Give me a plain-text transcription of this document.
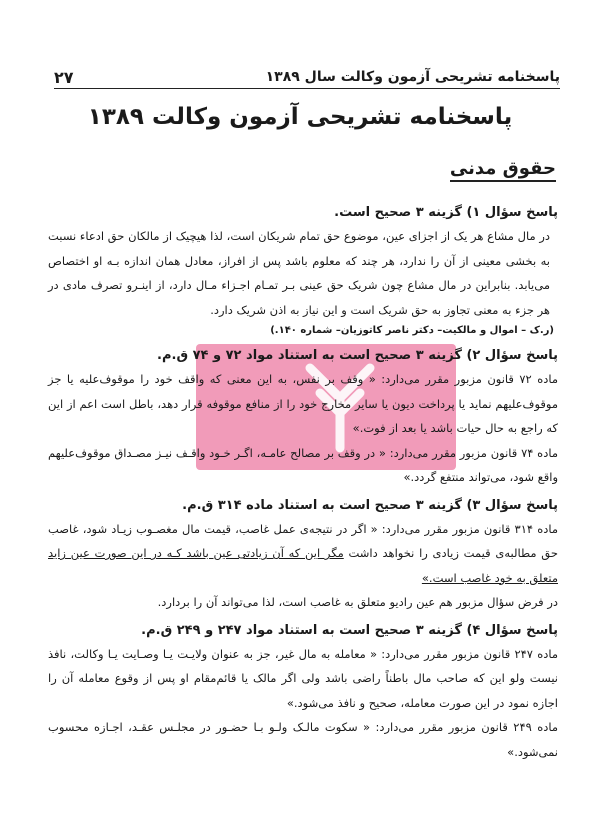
۲۷	پاسخنامه تشریحی آزمون وکالت سال ۱۳۸۹
پاسخنامه تشریحی آزمون وکالت ۱۳۸۹
حقوق مدنی
پاسخ سؤال ۱) گزینه ۳ صحیح است.
در مال مشاع هر یک از اجزای عین، موضوع حق تمام شریکان است، لذا هیچیک از مالکان حق ادعاء نسبت به بخشی معینی از آن را ندارد، هر چند که معلوم باشد پس از افراز، معادل همان اندازه بـه او اختصاص می‌یابد. بنابراین در مال مشاع چون شریک حق عینی بـر تمـام اجـزاء مـال دارد، از اینـرو تصرف مادی در هر جزء به معنی تجاوز به حق شریک است و این نیاز به اذن شریک دارد.
(ر.ک – اموال و مالکیت– دکتر ناصر کاتوزیان– شماره ۱۴۰.)
پاسخ سؤال ۲) گزینه ۳ صحیح است به استناد مواد ۷۲ و ۷۴ ق.م.
ماده ۷۲ قانون مزبور مقرر می‌دارد: « وقف بر نفس، به این معنی که واقف خود را موقوف‌علیه یا جز موقوف‌علیهم نماید یا پرداخت دیون یا سایر مخارج خود را از منافع موقوفه قرار دهد، باطل است اعم از این که راجع به حال حیات باشد یا بعد از فوت.»
ماده ۷۴ قانون مزبور مقرر می‌دارد: « در وقف بر مصالح عامـه، اگـر خـود واقـف نیـز مصـداق موقوف‌علیهم واقع شود، می‌تواند منتفع گردد.»
پاسخ سؤال ۳) گزینه ۳ صحیح است به استناد ماده ۳۱۴ ق.م.
ماده ۳۱۴ قانون مزبور مقرر می‌دارد: « اگر در نتیجه‌ی عمل غاصب، قیمت مال مغصـوب زیـاد شود، غاصب حق مطالبه‌ی قیمت زیادی را نخواهد داشت مگر این که آن زیادتی عین باشد کـه در این صورت عین زاید متعلق به خود غاصب است.»
در فرض سؤال مزبور هم عین رادیو متعلق به غاصب است، لذا می‌تواند آن را بردارد.
پاسخ سؤال ۴) گزینه ۳ صحیح است به استناد مواد ۲۴۷ و ۲۴۹ ق.م.
ماده ۲۴۷ قانون مزبور مقرر می‌دارد: « معامله به مال غیر، جز به عنوان ولایـت یـا وصـایت یـا وکالت، نافذ نیست ولو این که صاحب مال باطناً راضی باشد ولی اگر مالک یا قائم‌مقام او پس از وقوع معامله آن را اجازه نمود در این صورت معامله، صحیح و نافذ می‌شود.»
ماده ۲۴۹ قانون مزبور مقرر می‌دارد: « سکوت مالـک ولـو بـا حضـور در مجلـس عقـد، اجـازه محسوب نمی‌شود.»
